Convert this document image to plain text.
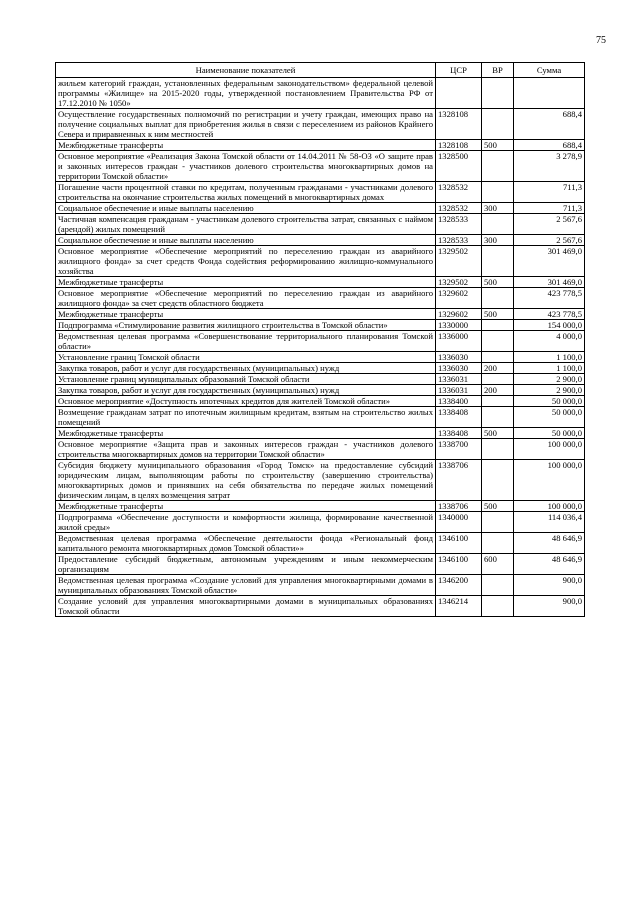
75
Наименование показателей	ЦСР	ВР	Сумма
жильем категорий граждан, установленных федеральным законодательством» федеральной целевой программы «Жилище» на 2015-2020 годы, утвержденной постановлением Правительства РФ от 17.12.2010 № 1050»			
Осуществление государственных полномочий по регистрации и учету граждан, имеющих право на получение социальных выплат для приобретения жилья в связи с переселением из районов Крайнего Севера и приравненных к ним местностей	1328108		688,4
Межбюджетные трансферты	1328108	500	688,4
Основное мероприятие «Реализация Закона Томской области от 14.04.2011 № 58-ОЗ «О защите прав и законных интересов граждан - участников долевого строительства многоквартирных домов на территории Томской области»	1328500		3 278,9
Погашение части процентной ставки по кредитам, полученным гражданами - участниками долевого строительства на окончание строительства жилых помещений в многоквартирных домах	1328532		711,3
Социальное обеспечение и иные выплаты населению	1328532	300	711,3
Частичная компенсация гражданам - участникам долевого строительства затрат, связанных с наймом (арендой) жилых помещений	1328533		2 567,6
Социальное обеспечение и иные выплаты населению	1328533	300	2 567,6
Основное мероприятие «Обеспечение мероприятий по переселению граждан из аварийного жилищного фонда» за счет средств Фонда содействия реформированию жилищно-коммунального хозяйства	1329502		301 469,0
Межбюджетные трансферты	1329502	500	301 469,0
Основное мероприятие «Обеспечение мероприятий по переселению граждан из аварийного жилищного фонда» за счет средств областного бюджета	1329602		423 778,5
Межбюджетные трансферты	1329602	500	423 778,5
Подпрограмма «Стимулирование развития жилищного строительства в Томской области»	1330000		154 000,0
Ведомственная целевая программа «Совершенствование территориального планирования Томской области»	1336000		4 000,0
Установление границ Томской области	1336030		1 100,0
Закупка товаров, работ и услуг для государственных (муниципальных) нужд	1336030	200	1 100,0
Установление границ муниципальных образований Томской области	1336031		2 900,0
Закупка товаров, работ и услуг для государственных (муниципальных) нужд	1336031	200	2 900,0
Основное мероприятие «Доступность ипотечных кредитов для жителей Томской области»	1338400		50 000,0
Возмещение гражданам затрат по ипотечным жилищным кредитам, взятым на строительство жилых помещений	1338408		50 000,0
Межбюджетные трансферты	1338408	500	50 000,0
Основное мероприятие «Защита прав и законных интересов граждан - участников долевого строительства многоквартирных домов на территории Томской области»	1338700		100 000,0
Субсидия бюджету муниципального образования «Город Томск» на предоставление субсидий юридическим лицам, выполняющим работы по строительству (завершению строительства) многоквартирных домов и принявших на себя обязательства по передаче жилых помещений физическим лицам, в целях возмещения затрат	1338706		100 000,0
Межбюджетные трансферты	1338706	500	100 000,0
Подпрограмма «Обеспечение доступности и комфортности жилища, формирование качественной жилой среды»	1340000		114 036,4
Ведомственная целевая программа «Обеспечение деятельности фонда «Региональный фонд капитального ремонта многоквартирных домов Томской области»»	1346100		48 646,9
Предоставление субсидий бюджетным, автономным учреждениям и иным некоммерческим организациям	1346100	600	48 646,9
Ведомственная целевая программа «Создание условий для управления многоквартирными домами в муниципальных образованиях Томской области»	1346200		900,0
Создание условий для управления многоквартирными домами в муниципальных образованиях Томской области	1346214		900,0
